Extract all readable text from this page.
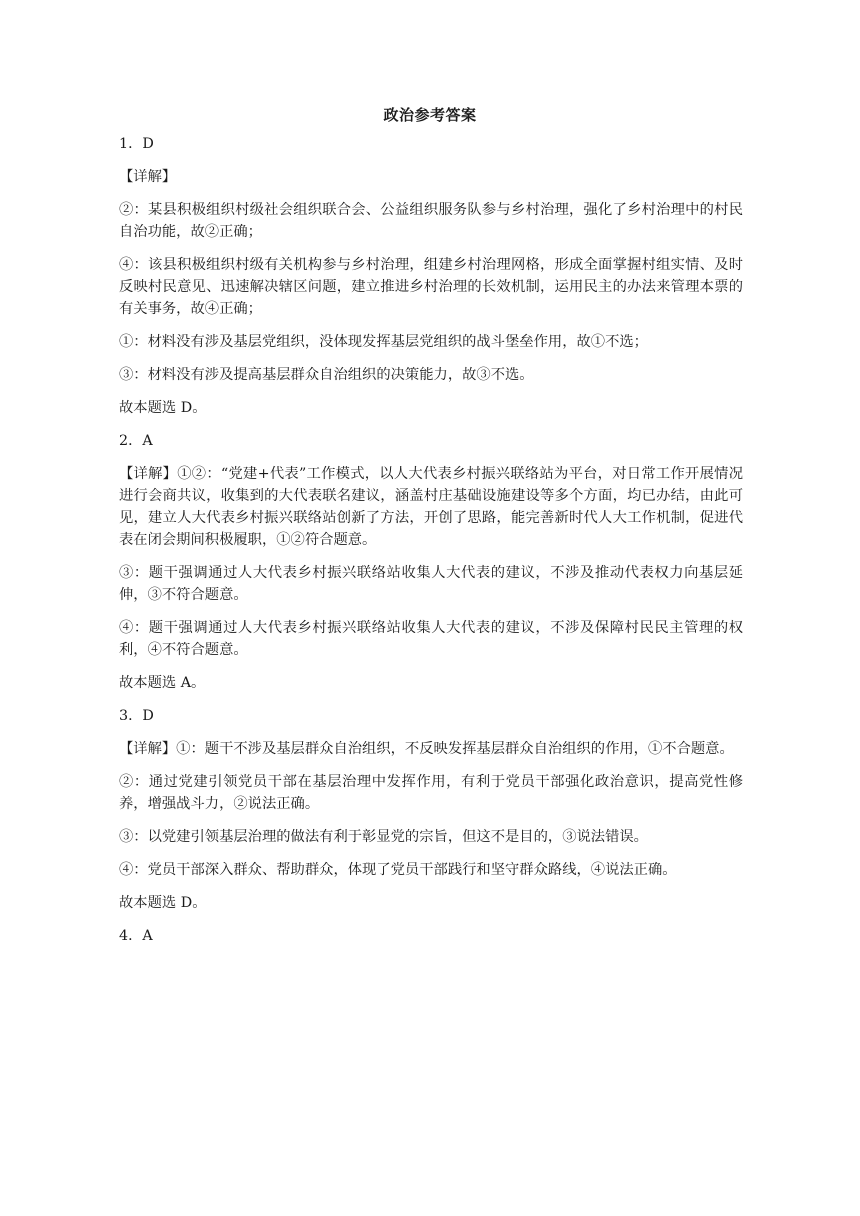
政治参考答案
1．D
【详解】
②：某县积极组织村级社会组织联合会、公益组织服务队参与乡村治理，强化了乡村治理中的村民自治功能，故②正确；
④：该县积极组织村级有关机构参与乡村治理，组建乡村治理网格，形成全面掌握村组实情、及时反映村民意见、迅速解决辖区问题，建立推进乡村治理的长效机制，运用民主的办法来管理本票的有关事务，故④正确；
①：材料没有涉及基层党组织，没体现发挥基层党组织的战斗堡垒作用，故①不选；
③：材料没有涉及提高基层群众自治组织的决策能力，故③不选。
故本题选 D。
2．A
【详解】①②：“党建+代表”工作模式，以人大代表乡村振兴联络站为平台，对日常工作开展情况进行会商共议，收集到的大代表联名建议，涵盖村庄基础设施建设等多个方面，均已办结，由此可见，建立人大代表乡村振兴联络站创新了方法，开创了思路，能完善新时代人大工作机制，促进代表在闭会期间积极履职，①②符合题意。
③：题干强调通过人大代表乡村振兴联络站收集人大代表的建议，不涉及推动代表权力向基层延伸，③不符合题意。
④：题干强调通过人大代表乡村振兴联络站收集人大代表的建议，不涉及保障村民民主管理的权利，④不符合题意。
故本题选 A。
3．D
【详解】①：题干不涉及基层群众自治组织，不反映发挥基层群众自治组织的作用，①不合题意。
②：通过党建引领党员干部在基层治理中发挥作用，有利于党员干部强化政治意识，提高党性修养，增强战斗力，②说法正确。
③：以党建引领基层治理的做法有利于彰显党的宗旨，但这不是目的，③说法错误。
④：党员干部深入群众、帮助群众，体现了党员干部践行和坚守群众路线，④说法正确。
故本题选 D。
4．A
